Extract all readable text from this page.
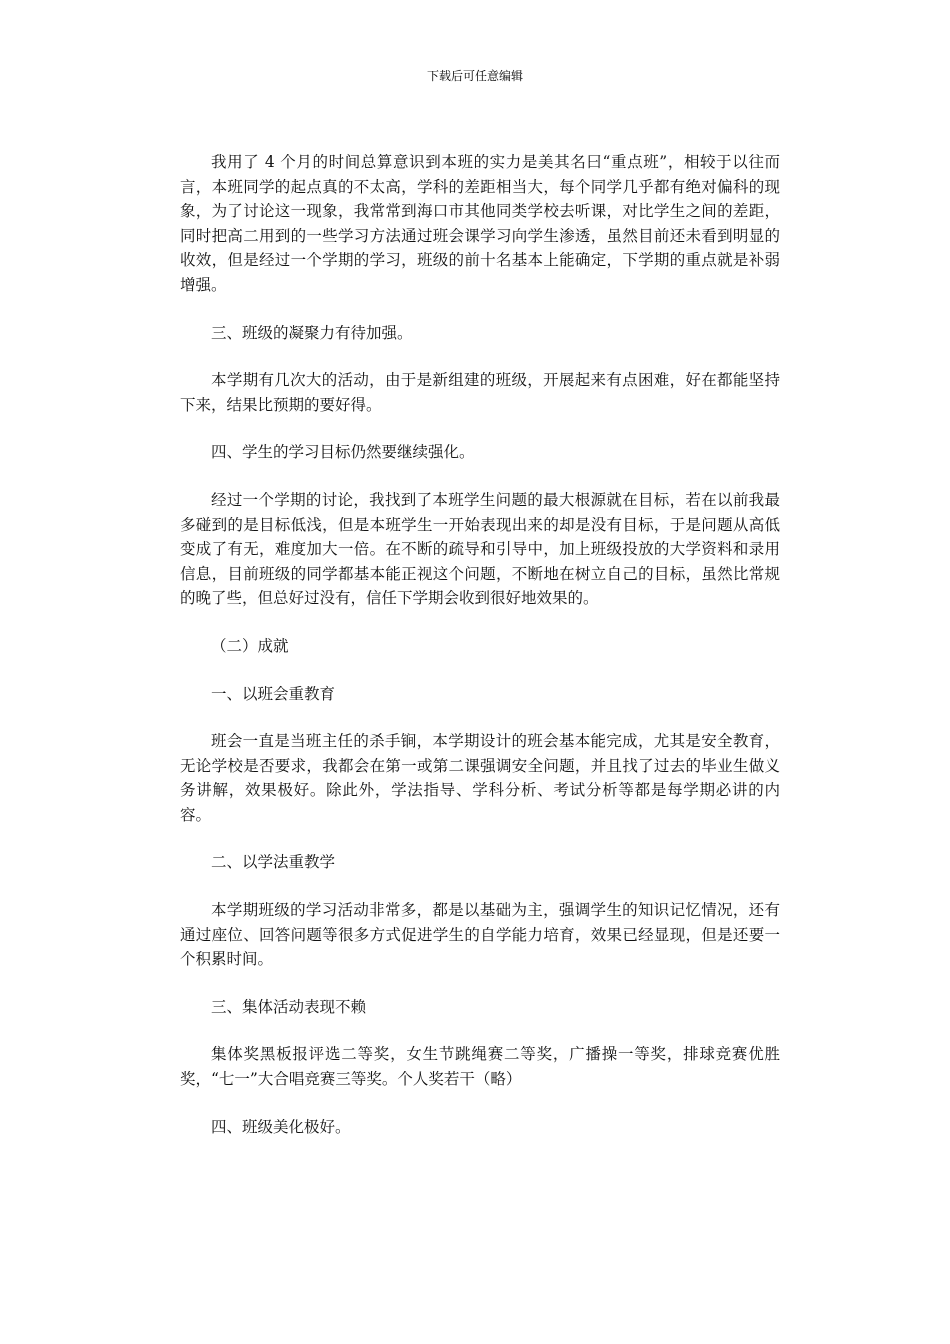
下载后可任意编辑

我用了 4 个月的时间总算意识到本班的实力是美其名曰“重点班”，相较于以往而言，本班同学的起点真的不太高，学科的差距相当大，每个同学几乎都有绝对偏科的现象，为了讨论这一现象，我常常到海口市其他同类学校去听课，对比学生之间的差距，同时把高二用到的一些学习方法通过班会课学习向学生渗透，虽然目前还未看到明显的收效，但是经过一个学期的学习，班级的前十名基本上能确定，下学期的重点就是补弱增强。

三、班级的凝聚力有待加强。

本学期有几次大的活动，由于是新组建的班级，开展起来有点困难，好在都能坚持下来，结果比预期的要好得。

四、学生的学习目标仍然要继续强化。

经过一个学期的讨论，我找到了本班学生问题的最大根源就在目标，若在以前我最多碰到的是目标低浅，但是本班学生一开始表现出来的却是没有目标，于是问题从高低变成了有无，难度加大一倍。在不断的疏导和引导中，加上班级投放的大学资料和录用信息，目前班级的同学都基本能正视这个问题，不断地在树立自己的目标，虽然比常规的晚了些，但总好过没有，信任下学期会收到很好地效果的。

（二）成就

一、以班会重教育

班会一直是当班主任的杀手锏，本学期设计的班会基本能完成，尤其是安全教育，无论学校是否要求，我都会在第一或第二课强调安全问题，并且找了过去的毕业生做义务讲解，效果极好。除此外，学法指导、学科分析、考试分析等都是每学期必讲的内容。

二、以学法重教学

本学期班级的学习活动非常多，都是以基础为主，强调学生的知识记忆情况，还有通过座位、回答问题等很多方式促进学生的自学能力培育，效果已经显现，但是还要一个积累时间。

三、集体活动表现不赖

集体奖黑板报评选二等奖，女生节跳绳赛二等奖，广播操一等奖，排球竞赛优胜奖，“七一”大合唱竞赛三等奖。个人奖若干（略）

四、班级美化极好。
